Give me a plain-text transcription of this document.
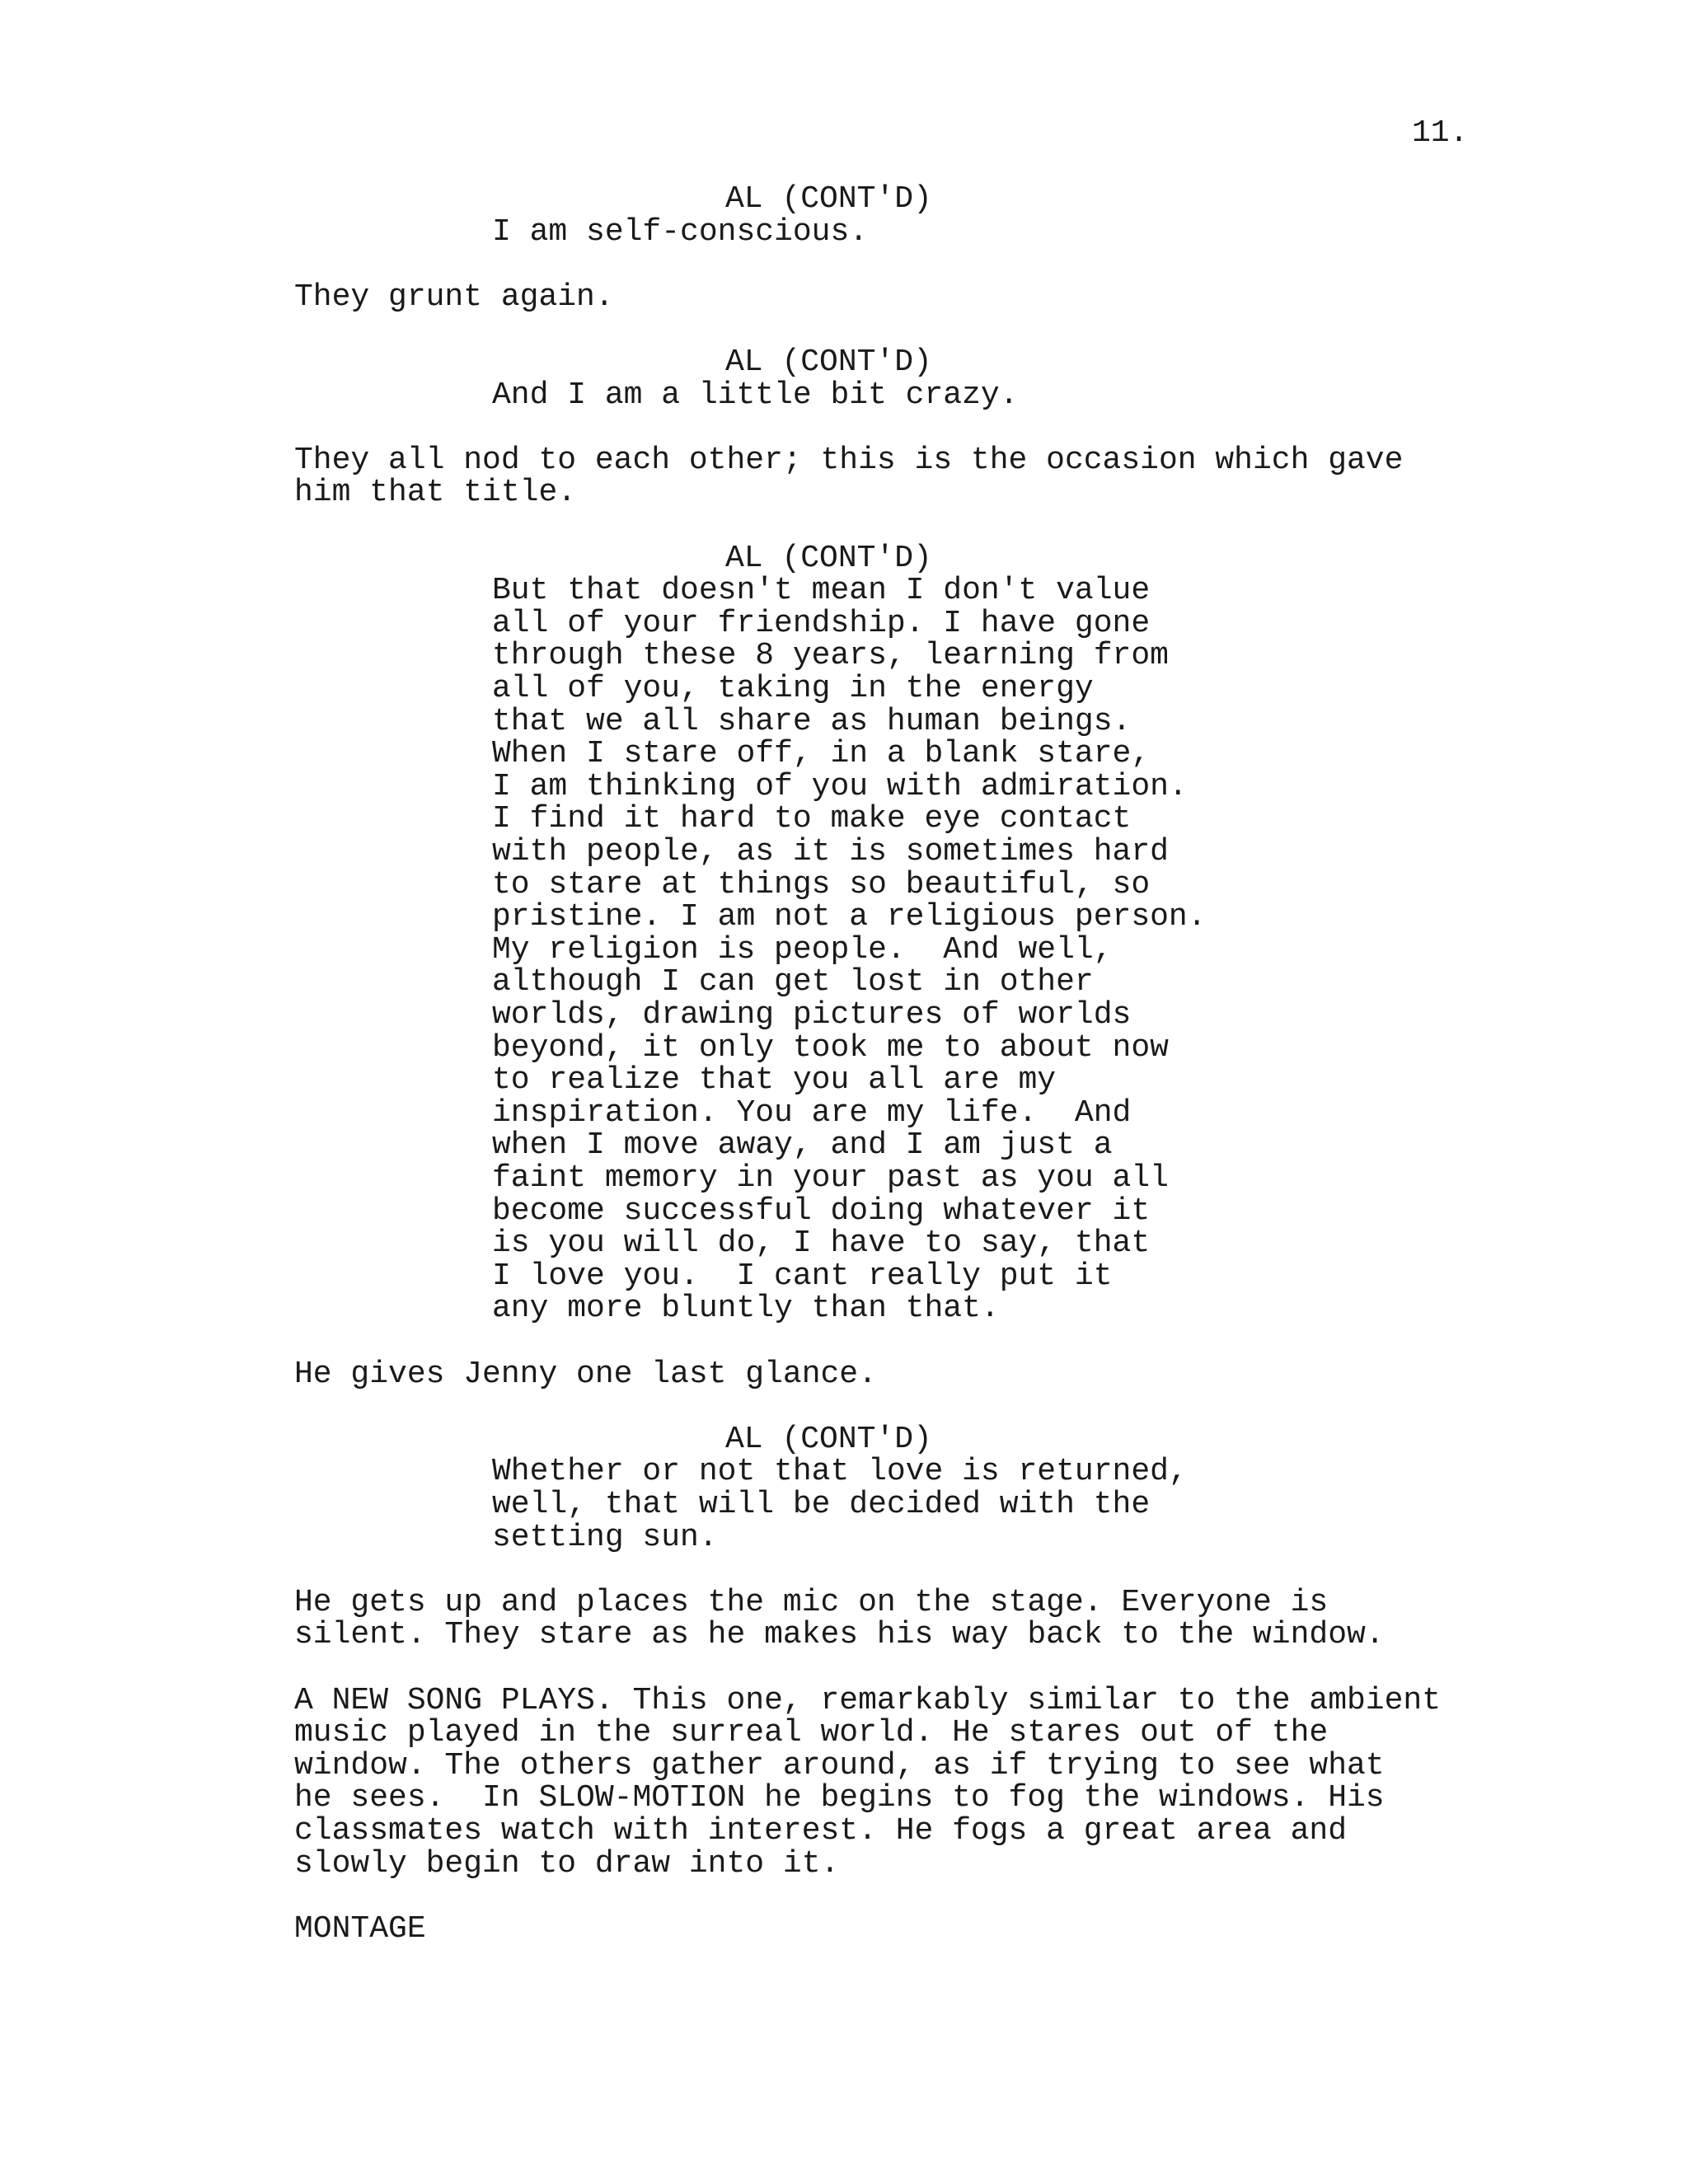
11.
AL (CONT'D)
I am self-conscious.
They grunt again.
AL (CONT'D)
And I am a little bit crazy.
They all nod to each other; this is the occasion which gave
him that title.
AL (CONT'D)
But that doesn't mean I don't value
all of your friendship. I have gone
through these 8 years, learning from
all of you, taking in the energy
that we all share as human beings.
When I stare off, in a blank stare,
I am thinking of you with admiration.
I find it hard to make eye contact
with people, as it is sometimes hard
to stare at things so beautiful, so
pristine. I am not a religious person.
My religion is people.  And well,
although I can get lost in other
worlds, drawing pictures of worlds
beyond, it only took me to about now
to realize that you all are my
inspiration. You are my life.  And
when I move away, and I am just a
faint memory in your past as you all
become successful doing whatever it
is you will do, I have to say, that
I love you.  I cant really put it
any more bluntly than that.
He gives Jenny one last glance.
AL (CONT'D)
Whether or not that love is returned,
well, that will be decided with the
setting sun.
He gets up and places the mic on the stage. Everyone is
silent. They stare as he makes his way back to the window.
A NEW SONG PLAYS. This one, remarkably similar to the ambient
music played in the surreal world. He stares out of the
window. The others gather around, as if trying to see what
he sees.  In SLOW-MOTION he begins to fog the windows. His
classmates watch with interest. He fogs a great area and
slowly begin to draw into it.
MONTAGE
